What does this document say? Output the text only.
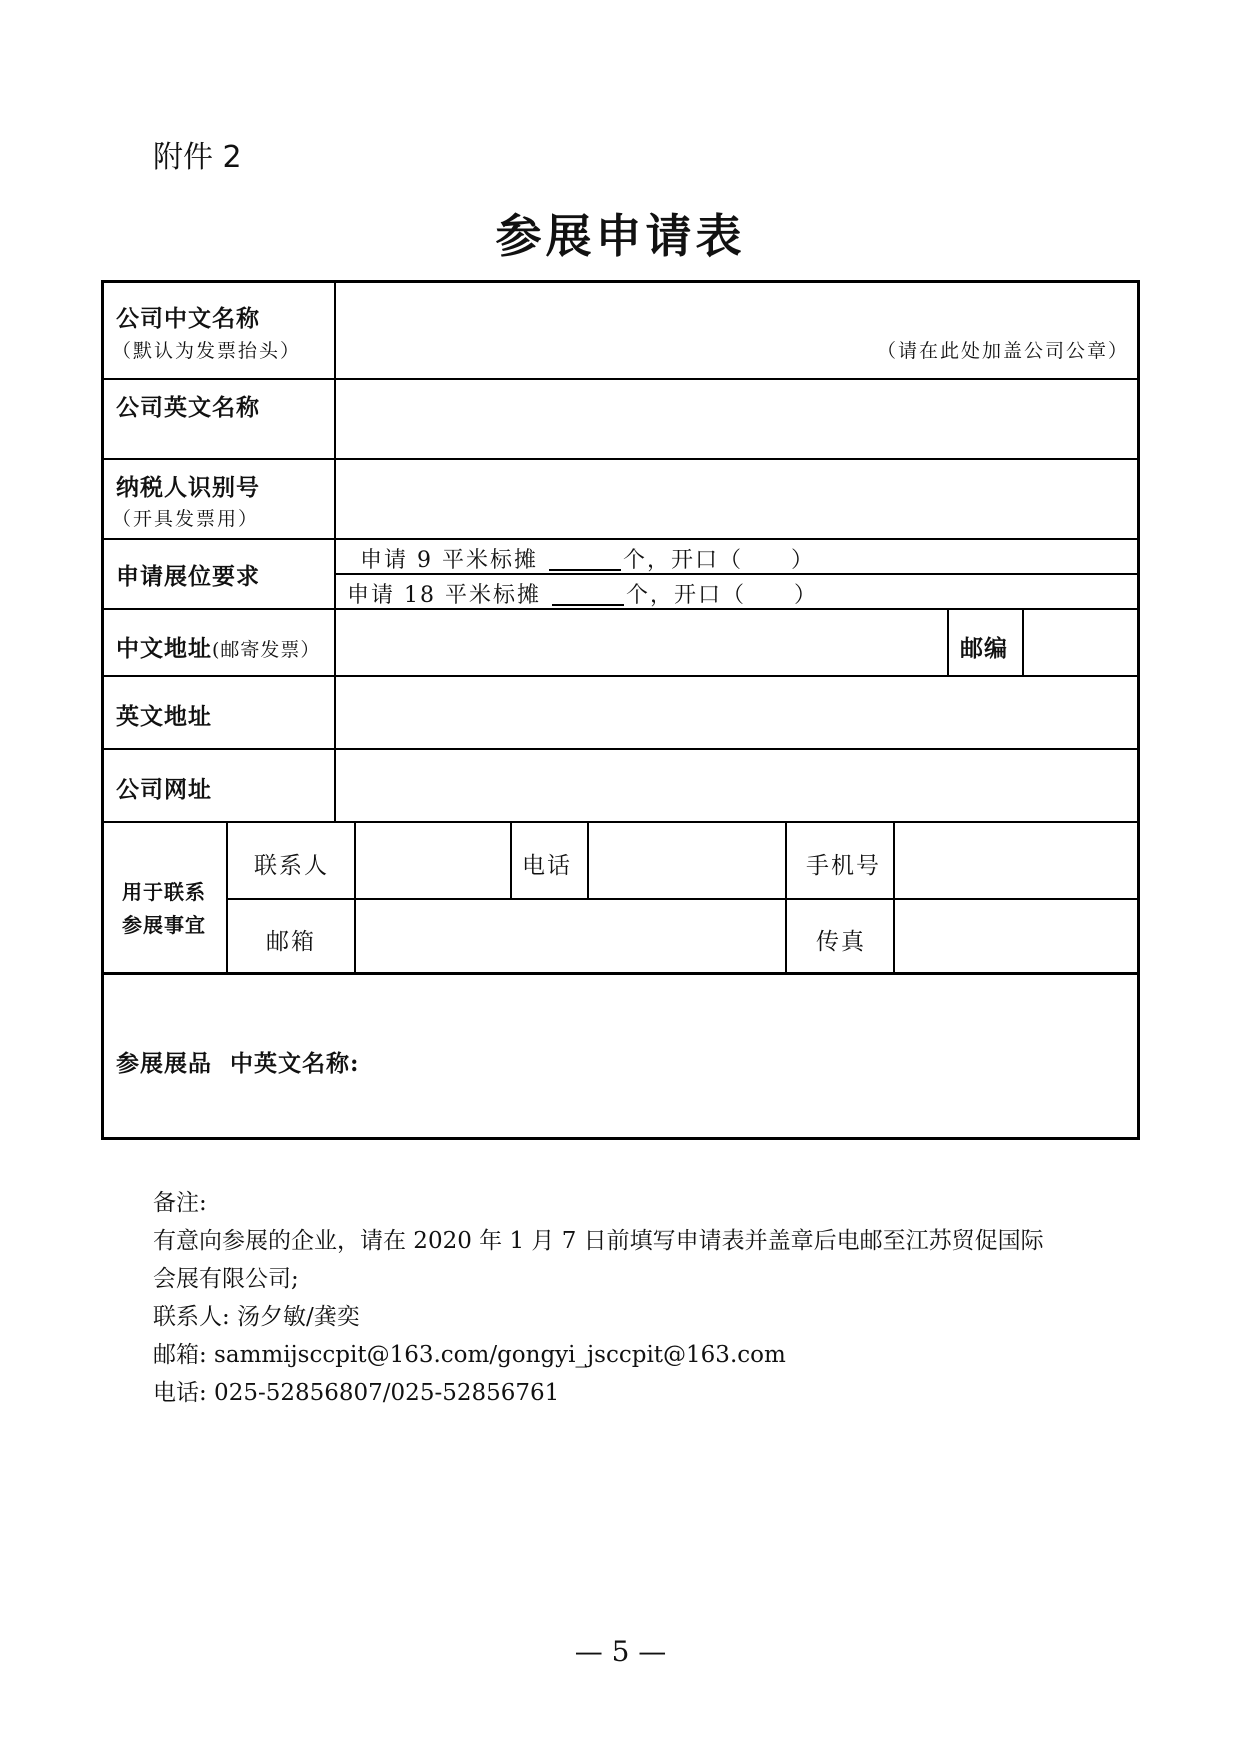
附件 2
参展申请表
公司中文名称
（默认为发票抬头）	（请在此处加盖公司公章）
公司英文名称
纳税人识别号
（开具发票用）
申请展位要求
申请 9 平米标摊	个，开口（ ）
申请 18 平米标摊	个，开口（ ）
中文地址(邮寄发票）	邮编
英文地址
公司网址
用于联系
参展事宜
联系人	电话	手机号
邮箱	传真
参展展品  中英文名称:
备注:
有意向参展的企业，请在 2020 年 1 月 7 日前填写申请表并盖章后电邮至江苏贸促国际
会展有限公司;
联系人: 汤夕敏/龚奕
邮箱: sammijsccpit@163.com/gongyi_jsccpit@163.com
电话: 025-52856807/025-52856761
— 5 —
